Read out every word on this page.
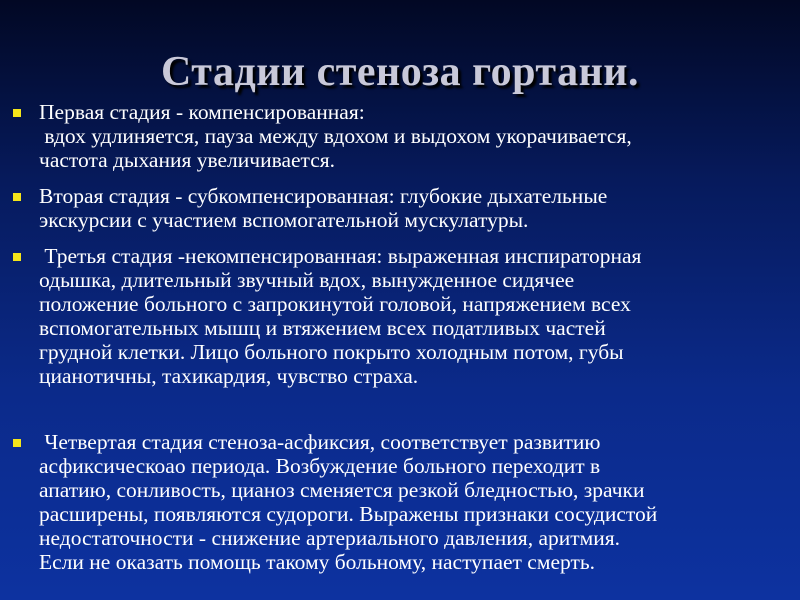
Стадии стеноза гортани.
Первая стадия - компенсированная:
вдох удлиняется, пауза между вдохом и выдохом укорачивается,
частота дыхания увеличивается.
Вторая стадия - субкомпенсированная: глубокие дыхательные
экскурсии с участием вспомогательной мускулатуры.
Третья стадия -некомпенсированная: выраженная инспираторная
одышка, длительный звучный вдох, вынужденное сидячее
положение больного с запрокинутой головой, напряжением всех
вспомогательных мышц и втяжением всех податливых частей
грудной клетки. Лицо больного покрыто холодным потом, губы
цианотичны, тахикардия, чувство страха.
Четвертая стадия стеноза-асфиксия, соответствует развитию
асфиксическоао периода. Возбуждение больного переходит в
апатию, сонливость, цианоз сменяется резкой бледностью, зрачки
расширены, появляются судороги. Выражены признаки сосудистой
недостаточности - снижение артериального давления, аритмия.
Если не оказать помощь такому больному, наступает смерть.
